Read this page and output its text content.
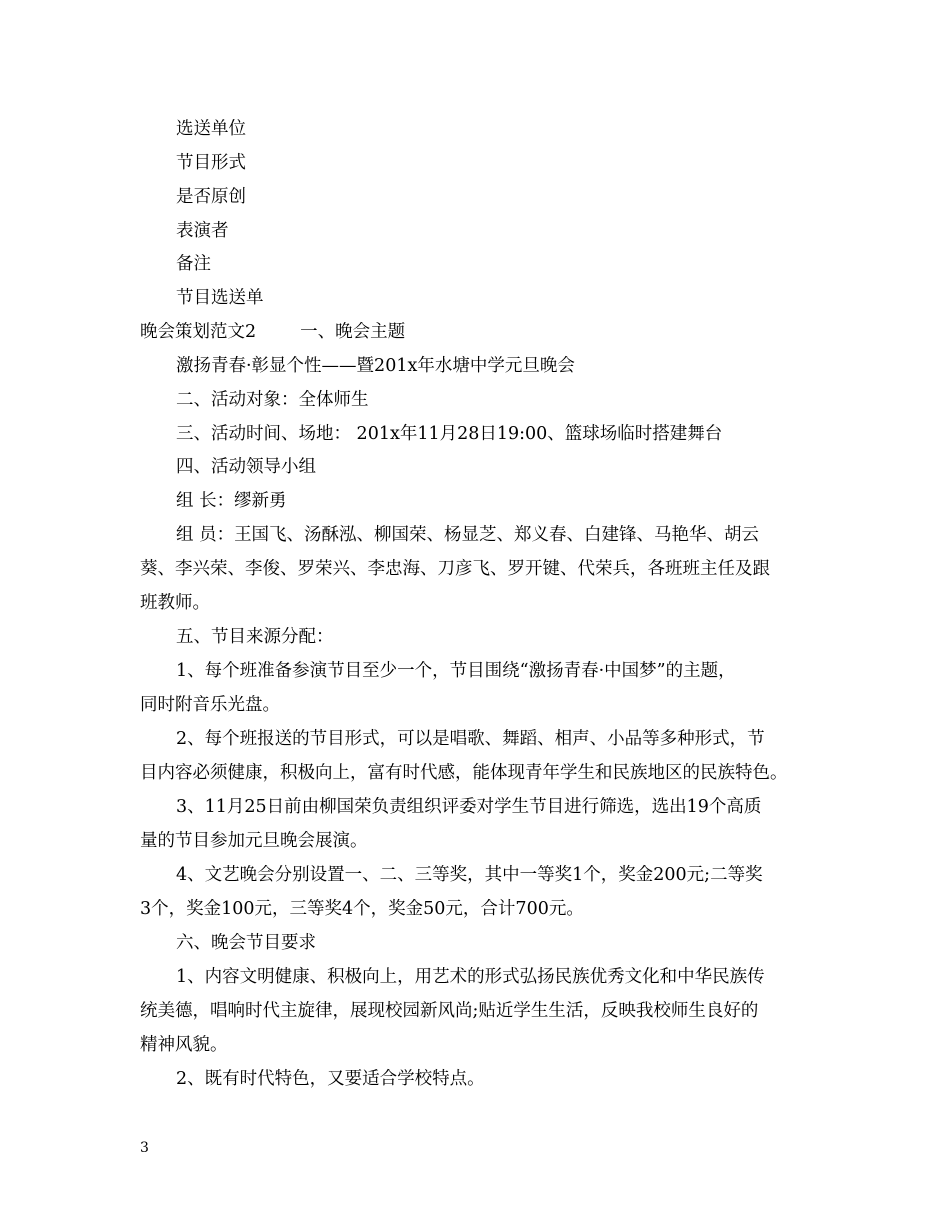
选送单位
节目形式
是否原创
表演者
备注
节目选送单
晚会策划范文2	一、晚会主题
激扬青春·彰显个性——暨201x年水塘中学元旦晚会
二、活动对象：全体师生
三、活动时间、场地： 201x年11月28日19:00、篮球场临时搭建舞台
四、活动领导小组
组 长：缪新勇
组 员：王国飞、汤酥泓、柳国荣、杨显芝、郑义春、白建锋、马艳华、胡云
葵、李兴荣、李俊、罗荣兴、李忠海、刀彦飞、罗开键、代荣兵，各班班主任及跟
班教师。
五、节目来源分配：
1、每个班准备参演节目至少一个，节目围绕“激扬青春·中国梦”的主题，
同时附音乐光盘。
2、每个班报送的节目形式，可以是唱歌、舞蹈、相声、小品等多种形式，节
目内容必须健康，积极向上，富有时代感，能体现青年学生和民族地区的民族特色。
3、11月25日前由柳国荣负责组织评委对学生节目进行筛选，选出19个高质
量的节目参加元旦晚会展演。
4、文艺晚会分别设置一、二、三等奖，其中一等奖1个，奖金200元;二等奖
3个，奖金100元，三等奖4个，奖金50元，合计700元。
六、晚会节目要求
1、内容文明健康、积极向上，用艺术的形式弘扬民族优秀文化和中华民族传
统美德，唱响时代主旋律，展现校园新风尚;贴近学生生活，反映我校师生良好的
精神风貌。
2、既有时代特色，又要适合学校特点。
3
